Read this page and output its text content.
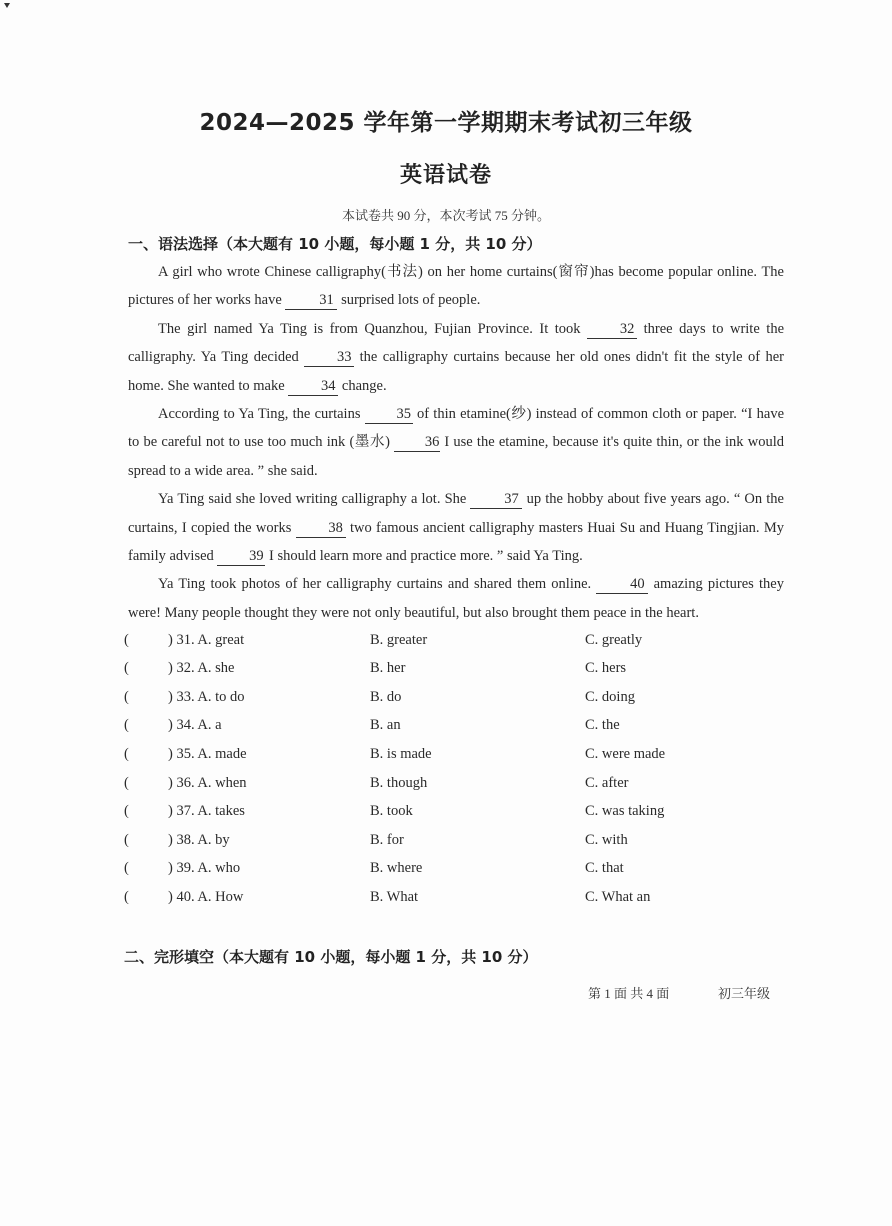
2024—2025 学年第一学期期末考试初三年级
英语试卷
本试卷共 90 分，本次考试 75 分钟。
一、语法选择（本大题有 10 小题，每小题 1 分，共 10 分）

A girl who wrote Chinese calligraphy(书法) on her home curtains(窗帘)has become popular online. The pictures of her works have 31 surprised lots of people.

The girl named Ya Ting is from Quanzhou, Fujian Province. It took 32 three days to write the calligraphy. Ya Ting decided 33 the calligraphy curtains because her old ones didn't fit the style of her home. She wanted to make 34 change.

According to Ya Ting, the curtains 35 of thin etamine(纱) instead of common cloth or paper. “I have to be careful not to use too much ink (墨水) 36 I use the etamine, because it's quite thin, or the ink would spread to a wide area. ” she said.

Ya Ting said she loved writing calligraphy a lot. She 37 up the hobby about five years ago. “ On the curtains, I copied the works 38 two famous ancient calligraphy masters Huai Su and Huang Tingjian. My family advised 39 I should learn more and practice more. ” said Ya Ting.

Ya Ting took photos of her calligraphy curtains and shared them online. 40 amazing pictures they were! Many people thought they were not only beautiful, but also brought them peace in the heart.

(	) 31. A. great	B. greater	C. greatly
(	) 32. A. she	B. her	C. hers
(	) 33. A. to do	B. do	C. doing
(	) 34. A. a	B. an	C. the
(	) 35. A. made	B. is made	C. were made
(	) 36. A. when	B. though	C. after
(	) 37. A. takes	B. took	C. was taking
(	) 38. A. by	B. for	C. with
(	) 39. A. who	B. where	C. that
(	) 40. A. How	B. What	C. What an
二、完形填空（本大题有 10 小题，每小题 1 分，共 10 分）
第 1 面 共 4 面	初三年级
